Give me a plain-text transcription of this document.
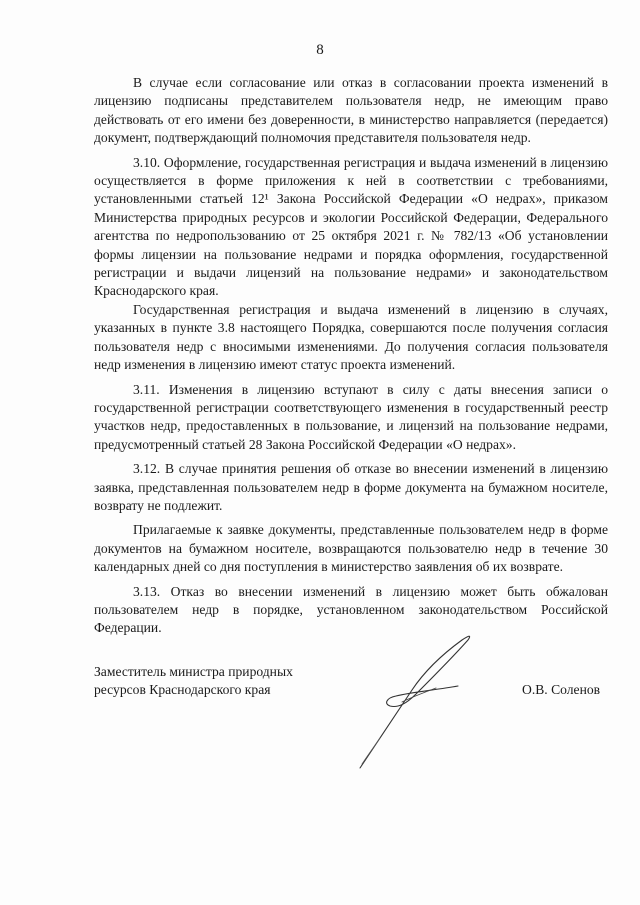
8

В случае если согласование или отказ в согласовании проекта изменений в лицензию подписаны представителем пользователя недр, не имеющим право действовать от его имени без доверенности, в министерство направляется (передается) документ, подтверждающий полномочия представителя пользователя недр.

3.10. Оформление, государственная регистрация и выдача изменений в лицензию осуществляется в форме приложения к ней в соответствии с требованиями, установленными статьей 12¹ Закона Российской Федерации «О недрах», приказом Министерства природных ресурсов и экологии Российской Федерации, Федерального агентства по недропользованию от 25 октября 2021 г. № 782/13 «Об установлении формы лицензии на пользование недрами и порядка оформления, государственной регистрации и выдачи лицензий на пользование недрами» и законодательством Краснодарского края.

Государственная регистрация и выдача изменений в лицензию в случаях, указанных в пункте 3.8 настоящего Порядка, совершаются после получения согласия пользователя недр с вносимыми изменениями. До получения согласия пользователя недр изменения в лицензию имеют статус проекта изменений.

3.11. Изменения в лицензию вступают в силу с даты внесения записи о государственной регистрации соответствующего изменения в государственный реестр участков недр, предоставленных в пользование, и лицензий на пользование недрами, предусмотренный статьей 28 Закона Российской Федерации «О недрах».

3.12. В случае принятия решения об отказе во внесении изменений в лицензию заявка, представленная пользователем недр в форме документа на бумажном носителе, возврату не подлежит.

Прилагаемые к заявке документы, представленные пользователем недр в форме документов на бумажном носителе, возвращаются пользователю недр в течение 30 календарных дней со дня поступления в министерство заявления об их возврате.

3.13. Отказ во внесении изменений в лицензию может быть обжалован пользователем недр в порядке, установленном законодательством Российской Федерации.

Заместитель министра природных
ресурсов Краснодарского края	О.В. Соленов
